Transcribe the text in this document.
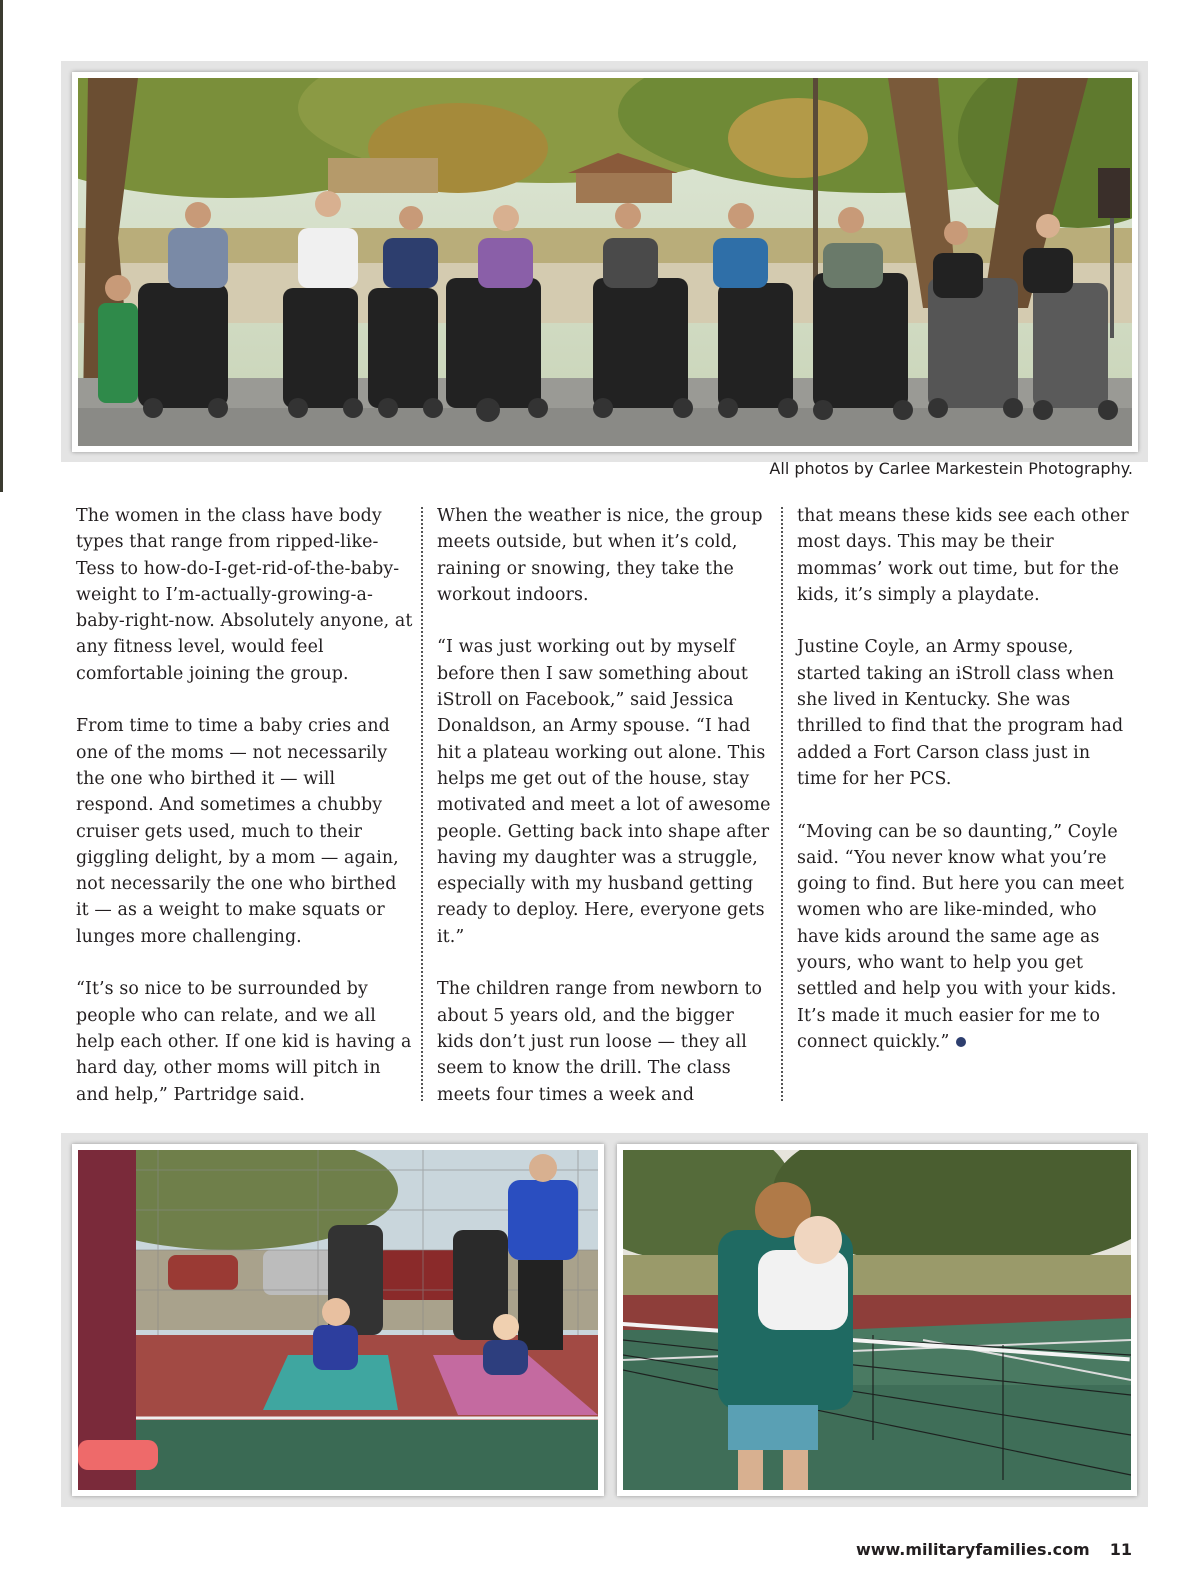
All photos by Carlee Markestein Photography.

The women in the class have body types that range from ripped-like-Tess to how-do-I-get-rid-of-the-baby-weight to I’m-actually-growing-a-baby-right-now. Absolutely anyone, at any fitness level, would feel comfortable joining the group.

From time to time a baby cries and one of the moms — not necessarily the one who birthed it — will respond. And sometimes a chubby cruiser gets used, much to their giggling delight, by a mom — again, not necessarily the one who birthed it — as a weight to make squats or lunges more challenging.

“It’s so nice to be surrounded by people who can relate, and we all help each other. If one kid is having a hard day, other moms will pitch in and help,” Partridge said.

When the weather is nice, the group meets outside, but when it’s cold, raining or snowing, they take the workout indoors.

“I was just working out by myself before then I saw something about iStroll on Facebook,” said Jessica Donaldson, an Army spouse. “I had hit a plateau working out alone. This helps me get out of the house, stay motivated and meet a lot of awesome people. Getting back into shape after having my daughter was a struggle, especially with my husband getting ready to deploy. Here, everyone gets it.”

The children range from newborn to about 5 years old, and the bigger kids don’t just run loose — they all seem to know the drill. The class meets four times a week and

that means these kids see each other most days. This may be their mommas’ work out time, but for the kids, it’s simply a playdate.

Justine Coyle, an Army spouse, started taking an iStroll class when she lived in Kentucky. She was thrilled to find that the program had added a Fort Carson class just in time for her PCS.

“Moving can be so daunting,” Coyle said. “You never know what you’re going to find. But here you can meet women who are like-minded, who have kids around the same age as yours, who want to help you get settled and help you with your kids. It’s made it much easier for me to connect quickly.”

www.militaryfamilies.com 11
